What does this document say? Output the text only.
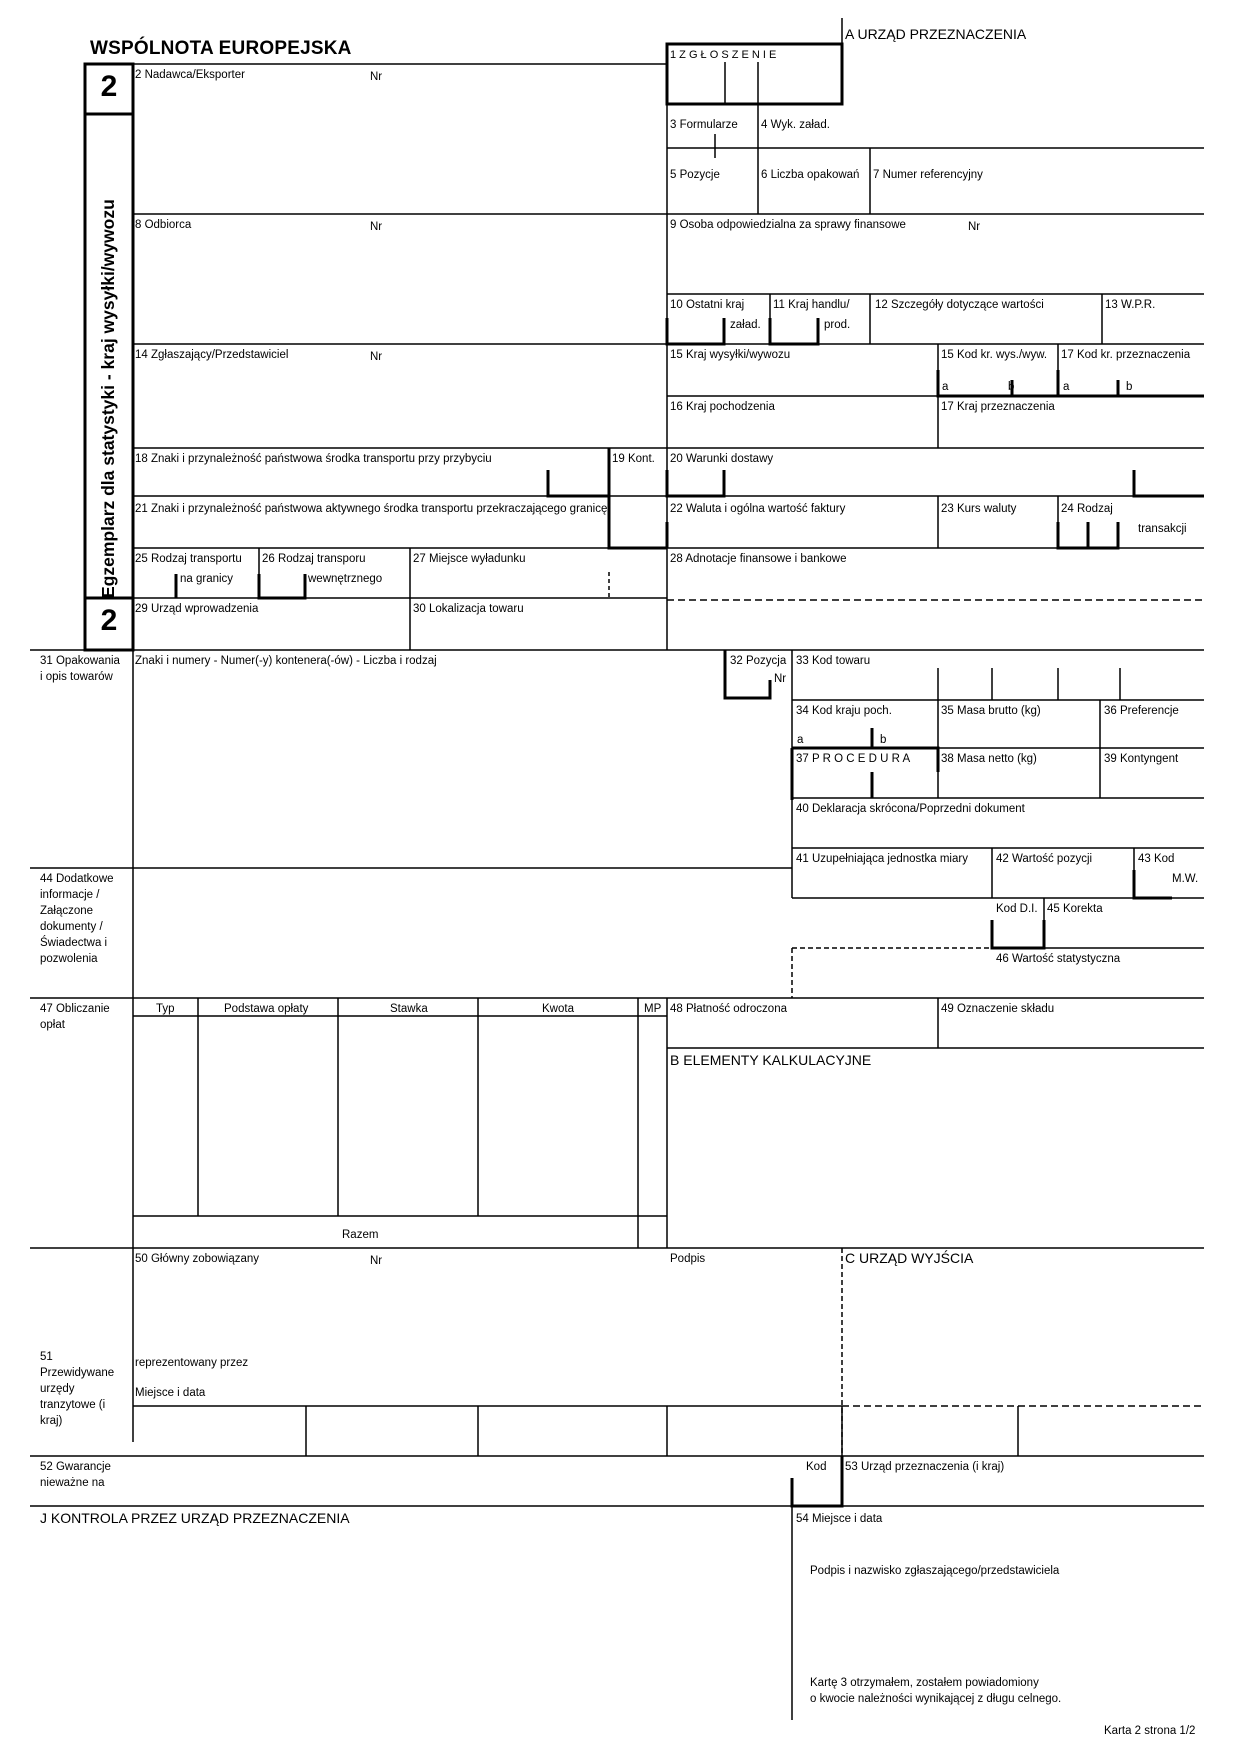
WSPÓLNOTA EUROPEJSKA
A URZĄD PRZEZNACZENIA
2
2
Egzemplarz dla statystyki - kraj wysyłki/wywozu
1 Z G Ł O S Z E N I E
2 Nadawca/Eksporter	Nr
3 Formularze 4 Wyk. załad.
5 Pozycje	6 Liczba opakowań 7 Numer referencyjny
8 Odbiorca	Nr	9 Osoba odpowiedzialna za sprawy finansowe	Nr
10 Ostatni kraj
załad.
11 Kraj handlu/
prod.
12 Szczegóły dotyczące wartości	13 W.P.R.
14 Zgłaszający/Przedstawiciel	Nr	15 Kraj wysyłki/wywozu	15 Kod kr. wys./wyw. 17 Kod kr. przeznaczenia
a	b	a	b
16 Kraj pochodzenia	17 Kraj przeznaczenia
18 Znaki i przynależność państwowa środka transportu przy przybyciu	19 Kont. 20 Warunki dostawy
21 Znaki i przynależność państwowa aktywnego środka transportu przekraczającego granicę	22 Waluta i ogólna wartość faktury	23 Kurs waluty	24 Rodzaj
transakcji
25 Rodzaj transportu
na granicy
26 Rodzaj transporu
wewnętrznego
27 Miejsce wyładunku	28 Adnotacje finansowe i bankowe
29 Urząd wprowadzenia	30 Lokalizacja towaru
31 Opakowania
i opis towarów
Znaki i numery - Numer(-y) kontenera(-ów) - Liczba i rodzaj	32 Pozycja
Nr
33 Kod towaru
34 Kod kraju poch.
a	b
35 Masa brutto (kg)	36 Preferencje
37 P R O C E D U R A	38 Masa netto (kg)	39 Kontyngent
40 Deklaracja skrócona/Poprzedni dokument
41 Uzupełniająca jednostka miary 42 Wartość pozycji	43 Kod
M.W.
44 Dodatkowe
informacje /
Załączone
dokumenty /
Świadectwa i
pozwolenia
Kod D.I. 45 Korekta
46 Wartość statystyczna
47 Obliczanie
opłat
Typ	Podstawa opłaty	Stawka	Kwota	MP
Razem
48 Płatność odroczona	49 Oznaczenie składu
B ELEMENTY KALKULACYJNE
50 Główny zobowiązany	Nr	Podpis	C URZĄD WYJŚCIA
51
Przewidywane
urzędy
tranzytowe (i
kraj)
reprezentowany przez
Miejsce i data
52 Gwarancje
nieważne na
Kod 53 Urząd przeznaczenia (i kraj)
J KONTROLA PRZEZ URZĄD PRZEZNACZENIA	54 Miejsce i data
Podpis i nazwisko zgłaszającego/przedstawiciela
Kartę 3 otrzymałem, zostałem powiadomiony
o kwocie należności wynikającej z długu celnego.
Karta 2 strona 1/2
